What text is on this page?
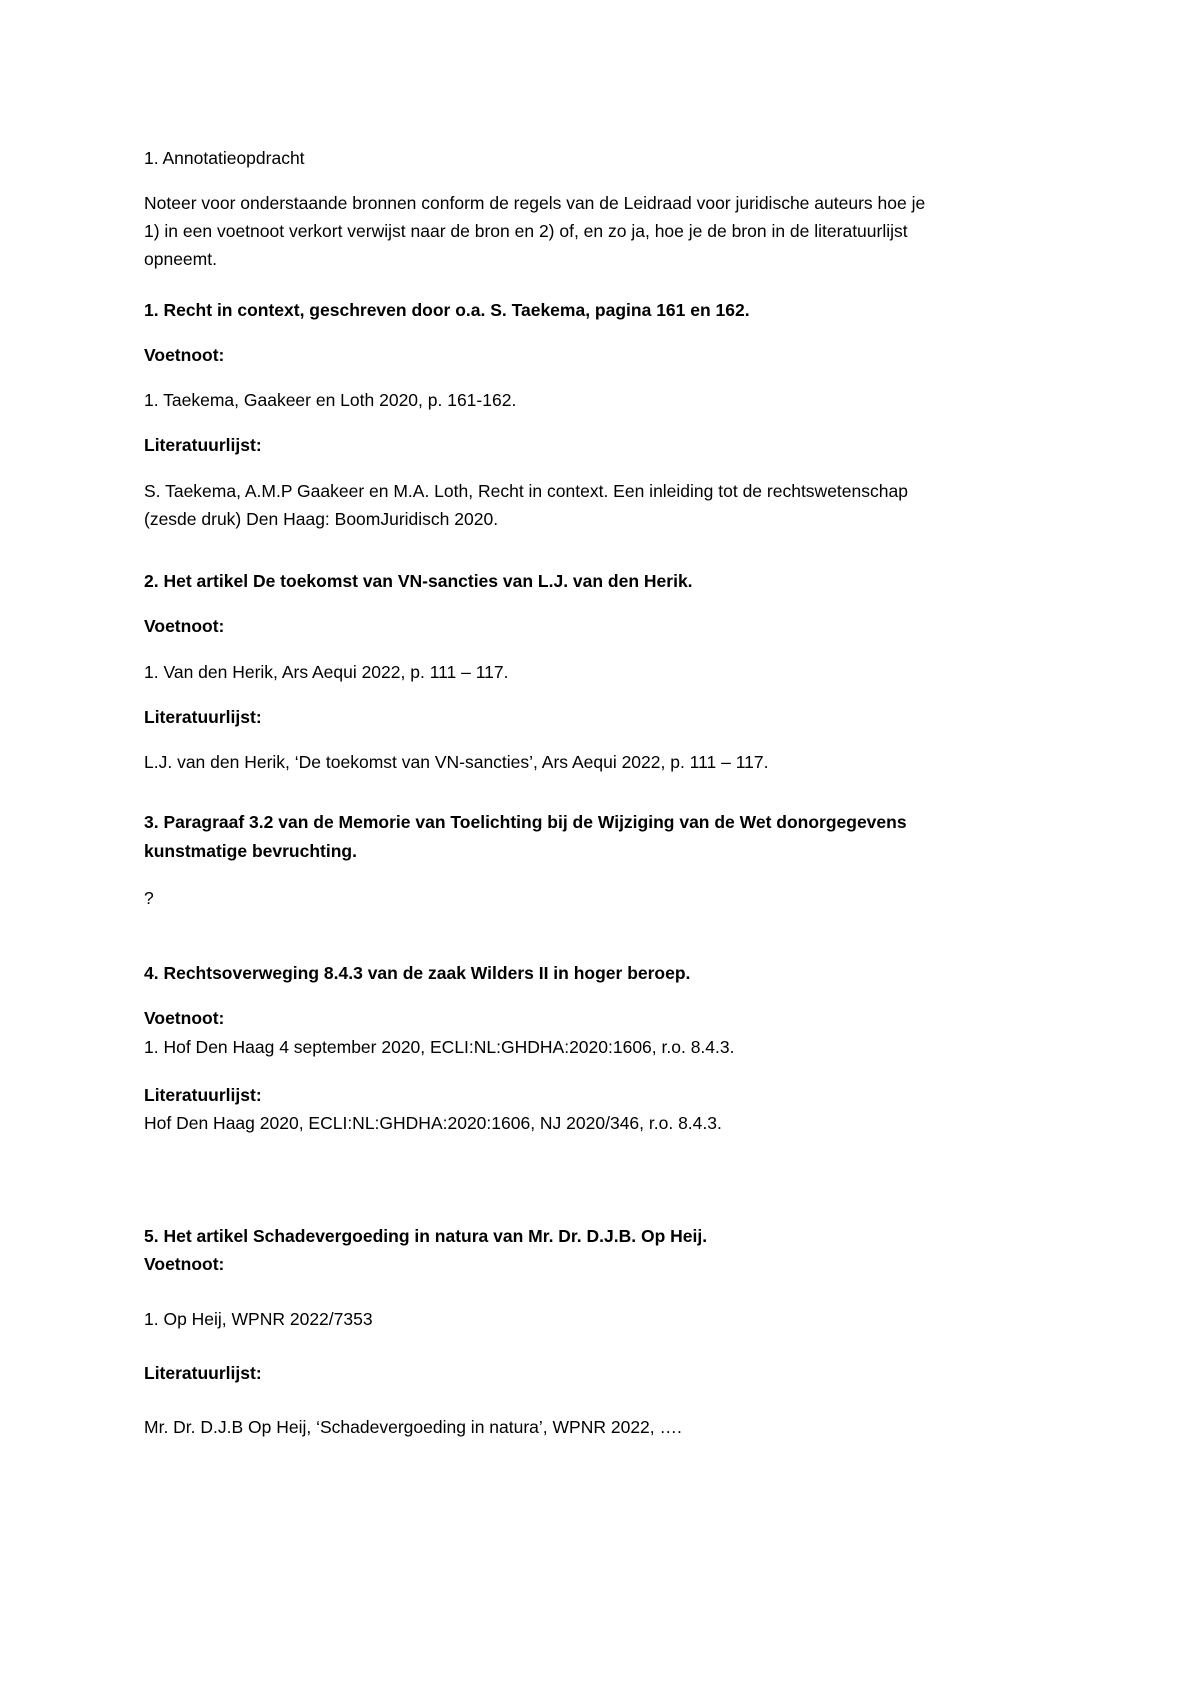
1. Annotatieopdracht

Noteer voor onderstaande bronnen conform de regels van de Leidraad voor juridische auteurs hoe je

1) in een voetnoot verkort verwijst naar de bron en 2) of, en zo ja, hoe je de bron in de literatuurlijst

opneemt.

1. Recht in context, geschreven door o.a. S. Taekema, pagina 161 en 162.

Voetnoot:

1. Taekema, Gaakeer en Loth 2020, p. 161-162.

Literatuurlijst:

S. Taekema, A.M.P Gaakeer en M.A. Loth, Recht in context. Een inleiding tot de rechtswetenschap

(zesde druk) Den Haag: BoomJuridisch 2020.

2. Het artikel De toekomst van VN-sancties van L.J. van den Herik.

Voetnoot:

1. Van den Herik, Ars Aequi 2022, p. 111 – 117.

Literatuurlijst:

L.J. van den Herik, ‘De toekomst van VN-sancties’, Ars Aequi 2022, p. 111 – 117.

3. Paragraaf 3.2 van de Memorie van Toelichting bij de Wijziging van de Wet donorgegevens

kunstmatige bevruchting.

?

4. Rechtsoverweging 8.4.3 van de zaak Wilders II in hoger beroep.

Voetnoot:

1. Hof Den Haag 4 september 2020, ECLI:NL:GHDHA:2020:1606, r.o. 8.4.3.

Literatuurlijst:

Hof Den Haag 2020, ECLI:NL:GHDHA:2020:1606, NJ 2020/346, r.o. 8.4.3.

5. Het artikel Schadevergoeding in natura van Mr. Dr. D.J.B. Op Heij.

Voetnoot:

1. Op Heij, WPNR 2022/7353

Literatuurlijst:

Mr. Dr. D.J.B Op Heij, ‘Schadevergoeding in natura’, WPNR 2022, ….
